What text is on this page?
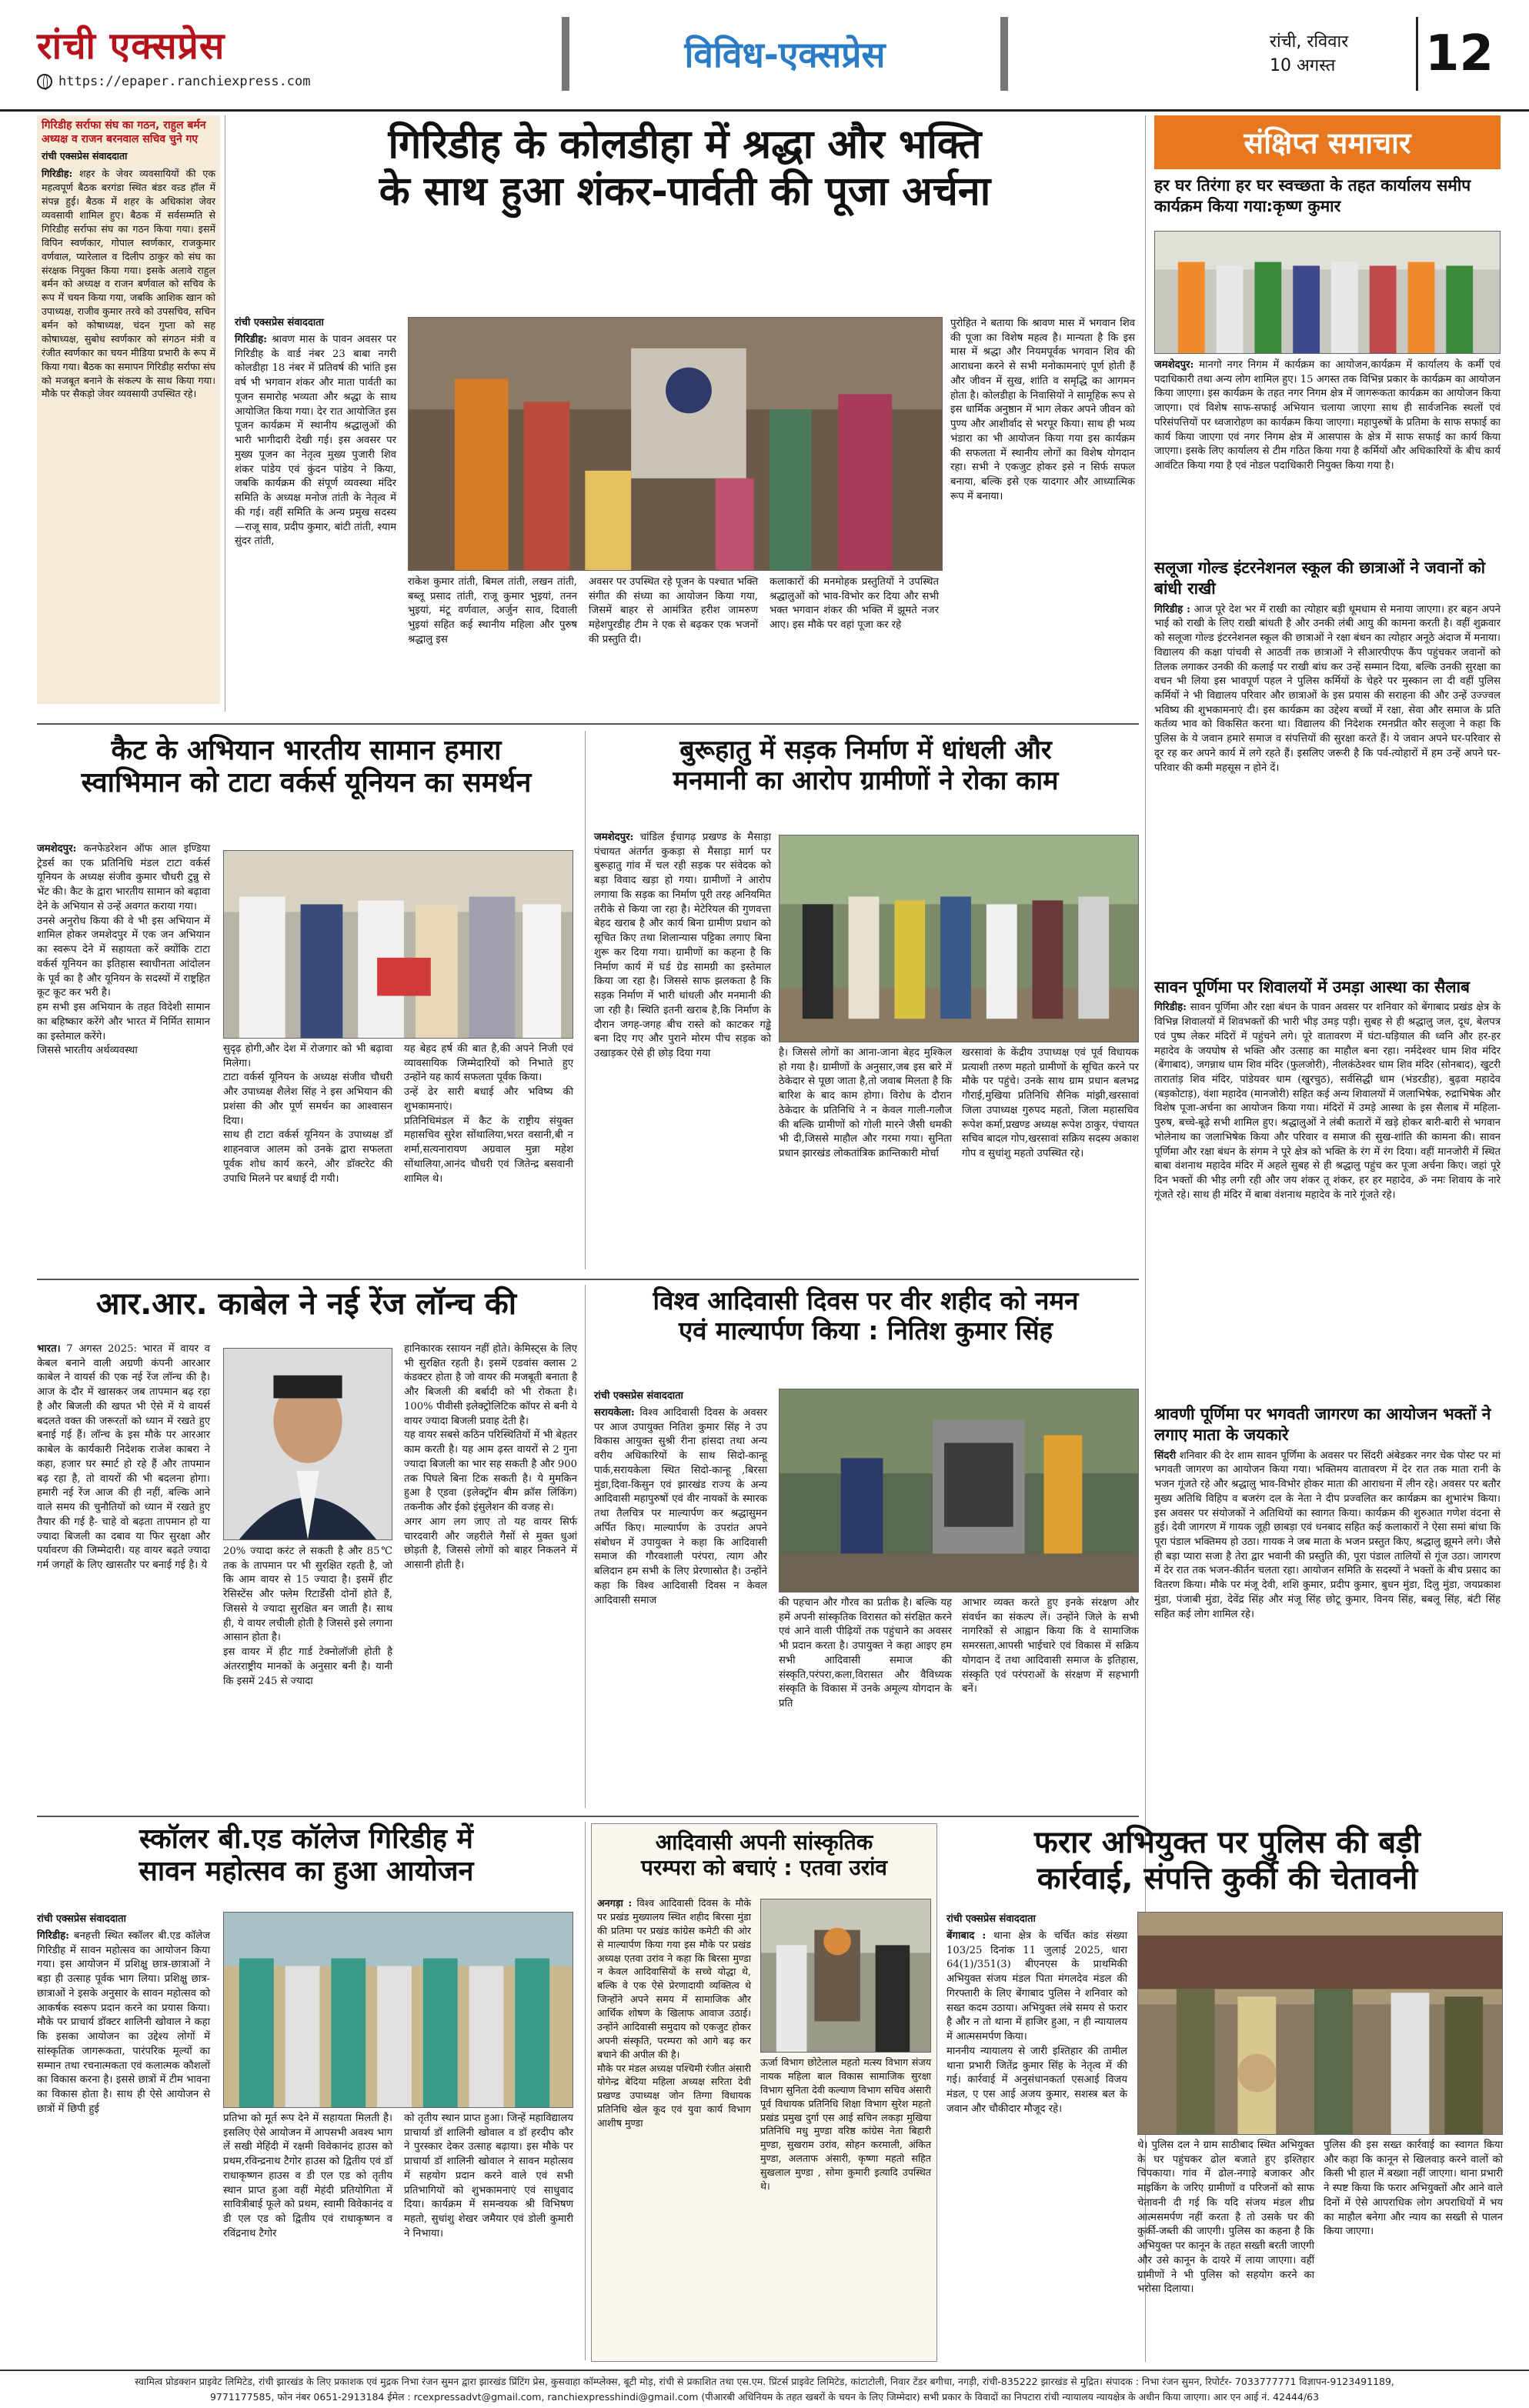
रांची एक्सप्रेस
https://epaper.ranchiexpress.com
विविध-एक्सप्रेस	रांची, रविवार
10 अगस्त	12
गिरिडीह सर्राफा संघ का गठन, राहुल बर्मन अध्यक्ष व राजन बरनवाल सचिव चुने गए
रांची एक्सप्रेस संवाददाता
गिरिडीह: शहर के जेवर व्यवसायियों की एक महत्वपूर्ण बैठक बरगंडा स्थित बंडर वन्र्ड हॉल में संपन्न हुई। बैठक में शहर के अधिकांश जेवर व्यवसायी शामिल हुए। बैठक में सर्वसम्मति से गिरिडीह सर्राफा संघ का गठन किया गया। इसमें विपिन स्वर्णकार, गोपाल स्वर्णकार, राजकुमार वर्णवाल, प्यारेलाल व दिलीप ठाकुर को संघ का संरक्षक नियुक्त किया गया। इसके अलावे राहुल बर्मन को अध्यक्ष व राजन बर्णवाल को सचिव के रूप में चयन किया गया, जबकि आशिक खान को उपाध्यक्ष, राजीव कुमार तरवे को उपसचिव, सचिन बर्मन को कोषाध्यक्ष, चंदन गुप्ता को सह कोषाध्यक्ष, सुबोध स्वर्णकार को संगठन मंत्री व रंजीत स्वर्णकार का चयन मीडिया प्रभारी के रूप में किया गया। बैठक का समापन गिरिडीह सर्राफा संघ को मजबूत बनाने के संकल्प के साथ किया गया। मौके पर सैकड़ो जेवर व्यवसायी उपस्थित रहे।
गिरिडीह के कोलडीहा में श्रद्धा और भक्ति
के साथ हुआ शंकर-पार्वती की पूजा अर्चना
रांची एक्सप्रेस संवाददाता
गिरिडीह: श्रावण मास के पावन अवसर पर गिरिडीह के वार्ड नंबर 23 बाबा नगरी कोलडीहा 18 नंबर में प्रतिवर्ष की भांति इस वर्ष भी भगवान शंकर और माता पार्वती का पूजन समारोह भव्यता और श्रद्धा के साथ आयोजित किया गया। देर रात आयोजित इस पूजन कार्यक्रम में स्थानीय श्रद्धालुओं की भारी भागीदारी देखी गई। इस अवसर पर मुख्य पूजन का नेतृत्व मुख्य पुजारी शिव शंकर पांडेय एवं कुंदन पांडेय ने किया, जबकि कार्यक्रम की संपूर्ण व्यवस्था मंदिर समिति के अध्यक्ष मनोज तांती के नेतृत्व में की गई। वहीं समिति के अन्य प्रमुख सदस्य—राजू साव, प्रदीप कुमार, बांटी तांती, श्याम सुंदर तांती,
राकेश कुमार तांती, बिमल तांती, लखन तांती, बब्लू प्रसाद तांती, राजू कुमार भुइयां, तनन भुइयां, मंटू वर्णवाल, अर्जुन साव, दिवाली भुइयां सहित कई स्थानीय महिला और पुरुष श्रद्धालु इस
अवसर पर उपस्थित रहे पूजन के पश्चात भक्ति संगीत की संध्या का आयोजन किया गया, जिसमें बाहर से आमंत्रित हरीश जामरुण महेशपुरडीह टीम ने एक से बढ़कर एक भजनों की प्रस्तुति दी।
कलाकारों की मनमोहक प्रस्तुतियों ने उपस्थित श्रद्धालुओं को भाव-विभोर कर दिया और सभी भक्त भगवान शंकर की भक्ति में झूमते नजर आए। इस मौके पर वहां पूजा कर रहे
पुरोहित ने बताया कि श्रावण मास में भगवान शिव की पूजा का विशेष महत्व है। मान्यता है कि इस मास में श्रद्धा और नियमपूर्वक भगवान शिव की आराधना करने से सभी मनोकामनाएं पूर्ण होती हैं और जीवन में सुख, शांति व समृद्धि का आगमन होता है। कोलडीहा के निवासियों ने सामूहिक रूप से इस धार्मिक अनुष्ठान में भाग लेकर अपने जीवन को पुण्य और आशीर्वाद से भरपूर किया। साथ ही भव्य भंडारा का भी आयोजन किया गया इस कार्यक्रम की सफलता में स्थानीय लोगों का विशेष योगदान रहा। सभी ने एकजुट होकर इसे न सिर्फ सफल बनाया, बल्कि इसे एक यादगार और आध्यात्मिक रूप में बनाया।
कैट के अभियान भारतीय सामान हमारा
स्वाभिमान को टाटा वर्कर्स यूनियन का समर्थन
जमशेदपुर: कनफेडरेशन ऑफ आल इण्डिया ट्रेडर्स का एक प्रतिनिधि मंडल टाटा वर्कर्स यूनियन के अध्यक्ष संजीव कुमार चौधरी टुन्नु से भेंट की। कैट के द्वारा भारतीय सामान को बढ़ावा देने के अभियान से उन्हें अवगत कराया गया।
उनसे अनुरोध किया की वे भी इस अभियान में शामिल होकर जमशेदपुर में एक जन अभियान का स्वरूप देने में सहायता करें क्योंकि टाटा वर्कर्स यूनियन का इतिहास स्वाधीनता आंदोलन के पूर्व का है और यूनियन के सदस्यों में राष्ट्रहित कूट कूट कर भरी है।
हम सभी इस अभियान के तहत विदेशी सामान का बहिष्कार करेंगे और भारत में निर्मित सामान का इस्तेमाल करेंगे।
जिससे भारतीय अर्थव्यवस्था	सुदृढ़ होगी,और देश में रोजगार को भी बढ़ावा मिलेगा।
टाटा वर्कर्स यूनियन के अध्यक्ष संजीव चौधरी और उपाध्यक्ष शैलेश सिंह ने इस अभियान की प्रशंसा की और पूर्ण समर्थन का आश्वासन दिया।
साथ ही टाटा वर्कर्स यूनियन के उपाध्यक्ष डॉ शाहनवाज आलम को उनके द्वारा सफलता पूर्वक शोध कार्य करने, और डॉक्टरेट की उपाधि मिलने पर बधाई दी गयी।
यह बेहद हर्ष की बात है,की अपने निजी एवं व्यावसायिक जिम्मेदारियों को निभाते हुए उन्होंने यह कार्य सफलता पूर्वक किया।
उन्हें ढेर सारी बधाई और भविष्य की शुभकामनाएं।
प्रतिनिधिमंडल में कैट के राष्ट्रीय संयुक्त महासचिव सुरेश सोंथालिया,भरत वसानी,बी न शर्मा,सत्यनारायण अग्रवाल मुन्ना महेश सोंथालिया,आनंद चौधरी एवं जितेन्द्र बसवानी शामिल थे।
बुरूहातु में सड़क निर्माण में धांधली और
मनमानी का आरोप ग्रामीणों ने रोका काम
जमशेदपुर: चांडिल ईचागढ़ प्रखण्ड के मैसाड़ा पंचायत अंतर्गत कुकड़ा से मैसाड़ा मार्ग पर बुरूहातु गांव में चल रही सड़क पर संवेदक को बड़ा विवाद खड़ा हो गया। ग्रामीणों ने आरोप लगाया कि सड़क का निर्माण पूरी तरह अनियमित तरीके से किया जा रहा है। मेटेरियल की गुणवत्ता बेहद खराब है और कार्य बिना ग्रामीण प्रधान को सूचित किए तथा शिलान्यास पट्टिका लगाए बिना शुरू कर दिया गया। ग्रामीणों का कहना है कि निर्माण कार्य में घर्ड ग्रेड सामग्री का इस्तेमाल किया जा रहा है। जिससे साफ झलकता है कि सड़क निर्माण में भारी धांधली और मनमानी की जा रही है। स्थिति इतनी खराब है,कि निर्माण के दौरान जगह-जगह बीच रास्ते को काटकर गड्ढे बना दिए गए और पुराने मोरम पीच सड़क को उखाड़कर ऐसे ही छोड़ दिया गया	है। जिससे लोगों का आना-जाना बेहद मुश्किल हो गया है। ग्रामीणों के अनुसार,जब इस बारे में ठेकेदार से पूछा जाता है,तो जवाब मिलता है कि बारिश के बाद काम होगा। विरोध के दौरान ठेकेदार के प्रतिनिधि ने न केवल गाली-गलौज की बल्कि ग्रामीणों को गोली मारने जैसी धमकी भी दी,जिससे माहौल और गरमा गया। सुनिता प्रधान झारखंड लोकतांत्रिक क्रान्तिकारी मोर्चा
खरसावां के केंद्रीय उपाध्यक्ष एवं पूर्व विधायक प्रत्याशी तरुण महतो ग्रामीणों के सूचित करने पर मौके पर पहुंचे। उनके साथ ग्राम प्रधान बलभद्र गौराई,मुखिया प्रतिनिधि सैनिक मांझी,खरसावां जिला उपाध्यक्ष गुरुपद महतो, जिला महासचिव रूपेश कर्मा,प्रखण्ड अध्यक्ष रूपेश ठाकुर, पंचायत सचिव बादल गोप,खरसावां सक्रिय सदस्य अकाश गोप व सुधांशु महतो उपस्थित रहे।
आर.आर. काबेल ने नई रेंज लॉन्च की
भारत। 7 अगस्त 2025: भारत में वायर व केबल बनाने वाली अग्रणी कंपनी आरआर काबेल ने वायर्स की एक नई रेंज लॉन्च की है। आज के दौर में खासकर जब तापमान बढ़ रहा है और बिजली की खपत भी ऐसे में ये वायर्स बदलते वक्त की जरूरतों को ध्यान में रखते हुए बनाई गई हैं। लॉन्च के इस मौके पर आरआर काबेल के कार्यकारी निदेशक राजेश काबरा ने कहा, हजार घर स्मार्ट हो रहे हैं और तापमान बढ़ रहा है, तो वायरों की भी बदलना होगा। हमारी नई रेंज आज की ही नहीं, बल्कि आने वाले समय की चुनौतियों को ध्यान में रखते हुए तैयार की गई है- चाहे वो बढ़ता तापमान हो या ज्यादा बिजली का दबाव या फिर सुरक्षा और पर्यावरण की जिम्मेदारी। यह वायर बढ़ते ज्यादा गर्म जगहों के लिए खासतौर पर बनाई गई है। ये
20% ज्यादा करंट ले सकती है और 85℃ तक के तापमान पर भी सुरक्षित रहती है, जो कि आम वायर से 15 ज्यादा है। इसमें हीट रेसिस्टेंस और फ्लेम रिटार्डेंसी दोनों होते हैं, जिससे ये ज्यादा सुरक्षित बन जाती है। साथ ही, ये वायर लचीली होती है जिससे इसे लगाना आसान होता है।
इस वायर में हीट गार्ड टेक्नोलॉजी होती है अंतरराष्ट्रीय मानकों के अनुसार बनी है। यानी कि इसमें 245 से ज्यादा
हानिकारक रसायन नहीं होते। केमिस्ट्स के लिए भी सुरक्षित रहती है। इसमें एडवांस क्लास 2 कंडक्टर होता है जो वायर की मजबूती बनाता है और बिजली की बर्बादी को भी रोकता है। 100% पीवीसी इलेक्ट्रोलिटिक कॉपर से बनी ये वायर ज्यादा बिजली प्रवाह देती है।
यह वायर सबसे कठिन परिस्थितियों में भी बेहतर काम करती है। यह आम ढ़स्त वायरों से 2 गुना ज्यादा बिजली का भार सह सकती है और 900 तक पिघले बिना टिक सकती है। ये मुमकिन हुआ है ए्डवा (इलेक्ट्रॉन बीम क्रॉस लिंकिंग) तकनीक और ईको इंसुलेशन की वजह से।
अगर आग लग जाए तो यह वायर सिर्फ चारदवारी और जहरीले गैसों से मुक्त धुआं छोड़ती है, जिससे लोगों को बाहर निकलने में आसानी होती है।
विश्व आदिवासी दिवस पर वीर शहीद को नमन
एवं माल्यार्पण किया : नितिश कुमार सिंह
रांची एक्सप्रेस संवाददाता
सरायकेला: विश्व आदिवासी दिवस के अवसर पर आज उपायुक्त नितिश कुमार सिंह ने उप विकास आयुक्त सुश्री रीना हांसदा तथा अन्य वरीय अधिकारियों के साथ सिदो-कान्हू पार्क,सरायकेला स्थित सिदो-कान्हू ,बिरसा मुंडा,दिवा-किसुन एवं झारखंड राज्य के अन्य आदिवासी महापुरुषों एवं वीर नायकों के स्मारक तथा तैलचित्र पर माल्यार्पण कर श्रद्धासुमन अर्पित किए। माल्यार्पण के उपरांत अपने संबोधन में उपायुक्त ने कहा कि आदिवासी समाज की गौरवशाली परंपरा, त्याग और बलिदान हम सभी के लिए प्रेरणास्रोत है। उन्होंने कहा कि विश्व आदिवासी दिवस न केवल आदिवासी समाज	की पहचान और गौरव का प्रतीक है। बल्कि यह हमें अपनी सांस्कृतिक विरासत को संरक्षित करने एवं आने वाली पीढ़ियों तक पहुंचाने का अवसर भी प्रदान करता है। उपायुक्त ने कहा आइए हम सभी आदिवासी समाज की संस्कृति,परंपरा,कला,विरासत और वैविध्यक संस्कृति के विकास में उनके अमूल्य योगदान के प्रति
आभार व्यक्त करते हुए इनके संरक्षण और संवर्धन का संकल्प लें। उन्होंने जिले के सभी नागरिकों से आह्वान किया कि वे सामाजिक समरसता,आपसी भाईचारे एवं विकास में सक्रिय योगदान दें तथा आदिवासी समाज के इतिहास, संस्कृति एवं परंपराओं के संरक्षण में सहभागी बनें।
स्कॉलर बी.एड कॉलेज गिरिडीह में
सावन महोत्सव का हुआ आयोजन
रांची एक्सप्रेस संवाददाता
गिरिडीह: बनहत्ती स्थित स्कॉलर बी.एड कॉलेज गिरिडीह में सावन महोत्सव का आयोजन किया गया। इस आयोजन में प्रशिक्षु छात्र-छात्राओं ने बड़ा ही उत्साह पूर्वक भाग लिया। प्रशिक्षु छात्र-छात्राओं ने इसके अनुसार के सावन महोत्सव को आकर्षक स्वरूप प्रदान करने का प्रयास किया। मौके पर प्राचार्य डॉक्टर शालिनी खोवाल ने कहा कि इसका आयोजन का उद्देश्य लोगों में सांस्कृतिक जागरूकता, पारंपरिक मूल्यों का सम्मान तथा रचनात्मकता एवं कलात्मक कौशलों का विकास करना है। इससे छात्रों में टीम भावना का विकास होता है। साथ ही ऐसे आयोजन से छात्रों में छिपी हुई
प्रतिभा को मूर्त रूप देने में सहायता मिलती है। इसलिए ऐसे आयोजन में आपसभी अवश्य भाग लें सखी मेहिंदी में रक्षमी विवेकानंद हाउस को प्रथम,रविन्द्रनाथ टैगोर हाउस को द्वितीय एवं डॉ राधाकृष्णन हाउस व डी एल एड को तृतीय स्थान प्राप्त हुआ वहीं मेहंदी प्रतियोगिता में सावित्रीबाई फूले को प्रथम, स्वामी विवेकानंद व डी एल एड को द्वितीय एवं राधाकृष्णन व रविंद्रनाथ टैगोर
को तृतीय स्थान प्राप्त हुआ। जिन्हें महाविद्यालय प्राचार्या डॉ शालिनी खोवाल व डॉ हरदीप कौर ने पुरस्कार देकर उत्साह बढ़ाया। इस मौके पर प्राचार्या डॉ शालिनी खोवाल ने सावन महोत्सव में सहयोग प्रदान करने वाले एवं सभी प्रतिभागियों को शुभकामनाएं एवं साधुवाद दिया। कार्यक्रम में समन्वयक श्री विभिषण महतो, सुधांशु शेखर जमैयार एवं डोली कुमारी ने निभाया।
आदिवासी अपनी सांस्कृतिक
परम्परा को बचाएं : एतवा उरांव
अनगड़ा : विश्व आदिवासी दिवस के मौके पर प्रखंड मुख्यालय स्थित शहीद बिरसा मुंडा की प्रतिमा पर प्रखंड कांग्रेस कमेटी की ओर से माल्यार्पण किया गया इस मौके पर प्रखंड अध्यक्ष एतवा उरांव ने कहा कि बिरसा मुण्डा न केवल आदिवासियों के सच्चे योद्धा थे, बल्कि वे एक ऐसे प्रेरणादायी व्यक्तित्व थे जिन्होंने अपने समय में सामाजिक और आर्थिक शोषण के खिलाफ आवाज उठाई। उन्होंने आदिवासी समुदाय को एकजुट होकर अपनी संस्कृति, परम्परा को आगे बढ़ कर बचाने की अपील की है।
मौके पर मंडल अध्यक्ष पश्चिमी रंजीत अंसारी योगेन्द्र बेदिया महिला अध्यक्ष सरिता देवी प्रखण्ड उपाध्यक्ष जोन तिग्गा विधायक प्रतिनिधि खेल कूद एवं युवा कार्य विभाग आशीष मुण्डा
ऊर्जा विभाग छोटेलाल महतो मत्स्य विभाग संजय नायक महिला बाल विकास सामाजिक सुरक्षा विभाग सुनिता देवी कल्याण विभाग सचिव अंसारी पूर्व विधायक प्रतिनिधि शिक्षा विभाग सुरेश महतो प्रखंड प्रमुख दुर्गा एस आई सचिन लकड़ा मुखिया प्रतिनिधि मधु मुण्डा वरिष्ठ कांग्रेस नेता बिहारी मुण्डा, सुखराम उरांव, सोहन करमाली, अंकित मुण्डा, अलताफ अंसारी, कृष्णा महतो सहित सुखलाल मुण्डा , सोमा कुमारी इत्यादि उपस्थित थे।
फरार अभियुक्त पर पुलिस की बड़ी
कार्रवाई, संपत्ति कुर्की की चेतावनी
रांची एक्सप्रेस संवाददाता
बेंगाबाद : थाना क्षेत्र के चर्चित कांड संख्या 103/25 दिनांक 11 जुलाई 2025, धारा 64(1)/351(3) बीएनएस के प्राथमिकी अभियुक्त संजय मंडल पिता मंगलदेव मंडल की गिरफ्तारी के लिए बेंगाबाद पुलिस ने शनिवार को सख्त कदम उठाया। अभियुक्त लंबे समय से फरार है और न तो थाना में हाजिर हुआ, न ही न्यायालय में आत्मसमर्पण किया।
माननीय न्यायालय से जारी इश्तिहार की तामील थाना प्रभारी जितेंद्र कुमार सिंह के नेतृत्व में की गई। कार्रवाई में अनुसंधानकर्ता एसआई विजय मंडल, ए एस आई अजय कुमार, सशस्त्र बल के जवान और चौकीदार मौजूद रहे।
थे। पुलिस दल ने ग्राम साठीबाद स्थित अभियुक्त के घर पहुंचकर ढोल बजाते हुए इश्तिहार चिपकाया। गांव में ढोल-नगाड़े बजाकर और माइकिंग के जरिए ग्रामीणों व परिजनों को साफ चेतावनी दी गई कि यदि संजय मंडल शीघ्र आत्मसमर्पण नहीं करता है तो उसके घर की कुर्की-जब्ती की जाएगी। पुलिस का कहना है कि अभियुक्त पर कानून के तहत सख्ती बरती जाएगी और उसे कानून के दायरे में लाया जाएगा। वहीं ग्रामीणों ने भी पुलिस को सहयोग करने का भरोसा दिलाया।
पुलिस की इस सख्त कार्रवाई का स्वागत किया और कहा कि कानून से खिलवाड़ करने वालों को किसी भी हाल में बख्शा नहीं जाएगा। थाना प्रभारी ने स्पष्ट किया कि फरार अभियुक्तों और आने वाले दिनों में ऐसे आपराधिक लोग अपराधियों में भय का माहौल बनेगा और न्याय का सख्ती से पालन किया जाएगा।
संक्षिप्त समाचार
हर घर तिरंगा हर घर स्वच्छता के तहत कार्यालय समीप कार्यक्रम किया गया:कृष्ण कुमार
जमशेदपुर: मानगो नगर निगम में कार्यक्रम का आयोजन,कार्यक्रम में कार्यालय के कर्मी एवं पदाधिकारी तथा अन्य लोग शामिल हुए। 15 अगस्त तक विभिन्न प्रकार के कार्यक्रम का आयोजन किया जाएगा। इस कार्यक्रम के तहत नगर निगम क्षेत्र में जागरूकता कार्यक्रम का आयोजन किया जाएगा। एवं विशेष साफ-सफाई अभियान चलाया जाएगा साथ ही सार्वजनिक स्थलों एवं परिसंपत्तियों पर ध्वजारोहण का कार्यक्रम किया जाएगा। महापुरुषों के प्रतिमा के साफ सफाई का कार्य किया जाएगा एवं नगर निगम क्षेत्र में आसपास के क्षेत्र में साफ सफाई का कार्य किया जाएगा। इसके लिए कार्यालय से टीम गठित किया गया है कर्मियों और अधिकारियों के बीच कार्य आवंटित किया गया है एवं नोडल पदाधिकारी नियुक्त किया गया है।
सलूजा गोल्ड इंटरनेशनल स्कूल की छात्राओं ने जवानों को बांधी राखी
गिरिडीह : आज पूरे देश भर में राखी का त्योहार बड़ी धूमधाम से मनाया जाएगा। हर बहन अपने भाई को राखी के लिए राखी बांधती है और उनकी लंबी आयु की कामना करती है। वहीं शुक्रवार को सलूजा गोल्ड इंटरनेशनल स्कूल की छात्राओं ने रक्षा बंधन का त्योहार अनूठे अंदाज में मनाया। विद्यालय की कक्षा पांचवी से आठवीं तक छात्राओं ने सीआरपीएफ कैंप पहुंचकर जवानों को तिलक लगाकर उनकी की कलाई पर राखी बांध कर उन्हें सम्मान दिया, बल्कि उनकी सुरक्षा का वचन भी लिया इस भावपूर्ण पहल ने पुलिस कर्मियों के चेहरे पर मुस्कान ला दी वहीं पुलिस कर्मियों ने भी विद्यालय परिवार और छात्राओं के इस प्रयास की सराहना की और उन्हें उज्ज्वल भविष्य की शुभकामनाएं दी। इस कार्यक्रम का उद्देश्य बच्चों में रक्षा, सेवा और समाज के प्रति कर्तव्य भाव को विकसित करना था। विद्यालय की निदेशक रमनप्रीत कौर सलूजा ने कहा कि पुलिस के ये जवान हमारे समाज व संपत्तियों की सुरक्षा करते हैं। ये जवान अपने घर-परिवार से दूर रह कर अपने कार्य में लगे रहते हैं। इसलिए जरूरी है कि पर्व-त्योहारों में हम उन्हें अपने घर-परिवार की कमी महसूस न होने दें।
सावन पूर्णिमा पर शिवालयों में उमड़ा आस्था का सैलाब
गिरिडीह: सावन पूर्णिमा और रक्षा बंधन के पावन अवसर पर शनिवार को बेंगाबाद प्रखंड क्षेत्र के विभिन्न शिवालयों में शिवभक्तों की भारी भीड़ उमड़ पड़ी। सुबह से ही श्रद्धालु जल, दूध, बेलपत्र एवं पुष्प लेकर मंदिरों में पहुंचने लगे। पूरे वातावरण में घंटा-घड़ियाल की ध्वनि और हर-हर महादेव के जयघोष से भक्ति और उत्साह का माहौल बना रहा। नर्मदेश्वर धाम शिव मंदिर (बेंगाबाद), जगन्नाथ धाम शिव मंदिर (फुलजोरी), नीलकंठेश्वर धाम शिव मंदिर (सोनबाद), खुटरी तारातांड़ शिव मंदिर, पांडेयवर धाम (खुरचुठ), सर्वसिद्धी धाम (भंडरडीह), बुढ़वा महादेव (बड़कोटाड़), वंशा महादेव (मानजोरी) सहित कई अन्य शिवालयों में जलाभिषेक, रुद्राभिषेक और विशेष पूजा-अर्चना का आयोजन किया गया। मंदिरों में उमड़े आस्था के इस सैलाब में महिला-पुरुष, बच्चे-बूढ़े सभी शामिल हुए। श्रद्धालुओं ने लंबी कतारों में खड़े होकर बारी-बारी से भगवान भोलेनाथ का जलाभिषेक किया और परिवार व समाज की सुख-शांति की कामना की। सावन पूर्णिमा और रक्षा बंधन के संगम ने पूरे क्षेत्र को भक्ति के रंग में रंग दिया। वहीं मानजोरी में स्थित बाबा वंशनाथ महादेव मंदिर में अहले सुबह से ही श्रद्धालु पहुंच कर पूजा अर्चना किए। जहां पूरे दिन भक्तों की भीड़ लगी रही और जय शंकर तू शंकर, हर हर महादेव, ॐ नमः शिवाय के नारे गूंजते रहे। साथ ही मंदिर में बाबा वंशनाथ महादेव के नारे गूंजते रहे।
श्रावणी पूर्णिमा पर भगवती जागरण का आयोजन भक्तों ने लगाए माता के जयकारे
सिंदरी शनिवार की देर शाम सावन पूर्णिमा के अवसर पर सिंदरी अंबेडकर नगर चेक पोस्ट पर मां भगवती जागरण का आयोजन किया गया। भक्तिमय वातावरण में देर रात तक माता रानी के भजन गूंजते रहे और श्रद्धालु भाव-विभोर होकर माता की आराधना में लीन रहे। अवसर पर बतौर मुख्य अतिथि विहिप व बजरंग दल के नेता ने दीप प्रज्वलित कर कार्यक्रम का शुभारंभ किया। इस अवसर पर संयोजकों ने अतिथियों का स्वागत किया। कार्यक्रम की शुरुआत गणेश वंदना से हुई। देवी जागरण में गायक जूही छाबड़ा एवं धनबाद सहित कई कलाकारों ने ऐसा समां बांधा कि पूरा पंडाल भक्तिमय हो उठा। गायक ने जब माता के भजन प्रस्तुत किए, श्रद्धालु झूमने लगे। जैसे ही बड़ा प्यारा सजा है तेरा द्वार भवानी की प्रस्तुति की, पूरा पंडाल तालियों से गूंज उठा। जागरण में देर रात तक भजन-कीर्तन चलता रहा। आयोजन समिति के सदस्यों ने भक्तों के बीच प्रसाद का वितरण किया। मौके पर मंजू देवी, शशि कुमार, प्रदीप कुमार, बुधन मुंडा, दिलु मुंडा, जयप्रकाश मुंडा, पंजाबी मुंडा, देवेंद्र सिंह और मंजू सिंह छोटू कुमार, विनय सिंह, बबलू सिंह, बंटी सिंह सहित कई लोग शामिल रहे।
स्वामित्व प्रोडक्शन प्राइवेट लिमिटेड, रांची झारखंड के लिए प्रकाशक एवं मुद्रक निभा रंजन सुमन द्वारा झारखंड प्रिंटिंग प्रेस, कुसवाहा कॉम्प्लेक्स, बूटी मोड़, रांची से प्रकाशित तथा एस.एम. प्रिंटर्स प्राइवेट लिमिटेड, कांटाटोली, निवार टेंडर बगीचा, नगड़ी, रांची-835222 झारखंड से मुद्रित। संपादक : निभा रंजन सुमन, रिपोर्टर- 7033777771 विज्ञापन-9123491189,
9771177585, फोन नंबर 0651-2913184 ईमेल : rcexpressadvt@gmail.com, ranchiexpresshindi@gmail.com (पीआरबी अधिनियम के तहत खबरों के चयन के लिए जिम्मेदार) सभी प्रकार के विवादों का निपटारा रांची न्यायालय न्यायक्षेत्र के अधीन किया जाएगा। आर एन आई नं. 42444/63
